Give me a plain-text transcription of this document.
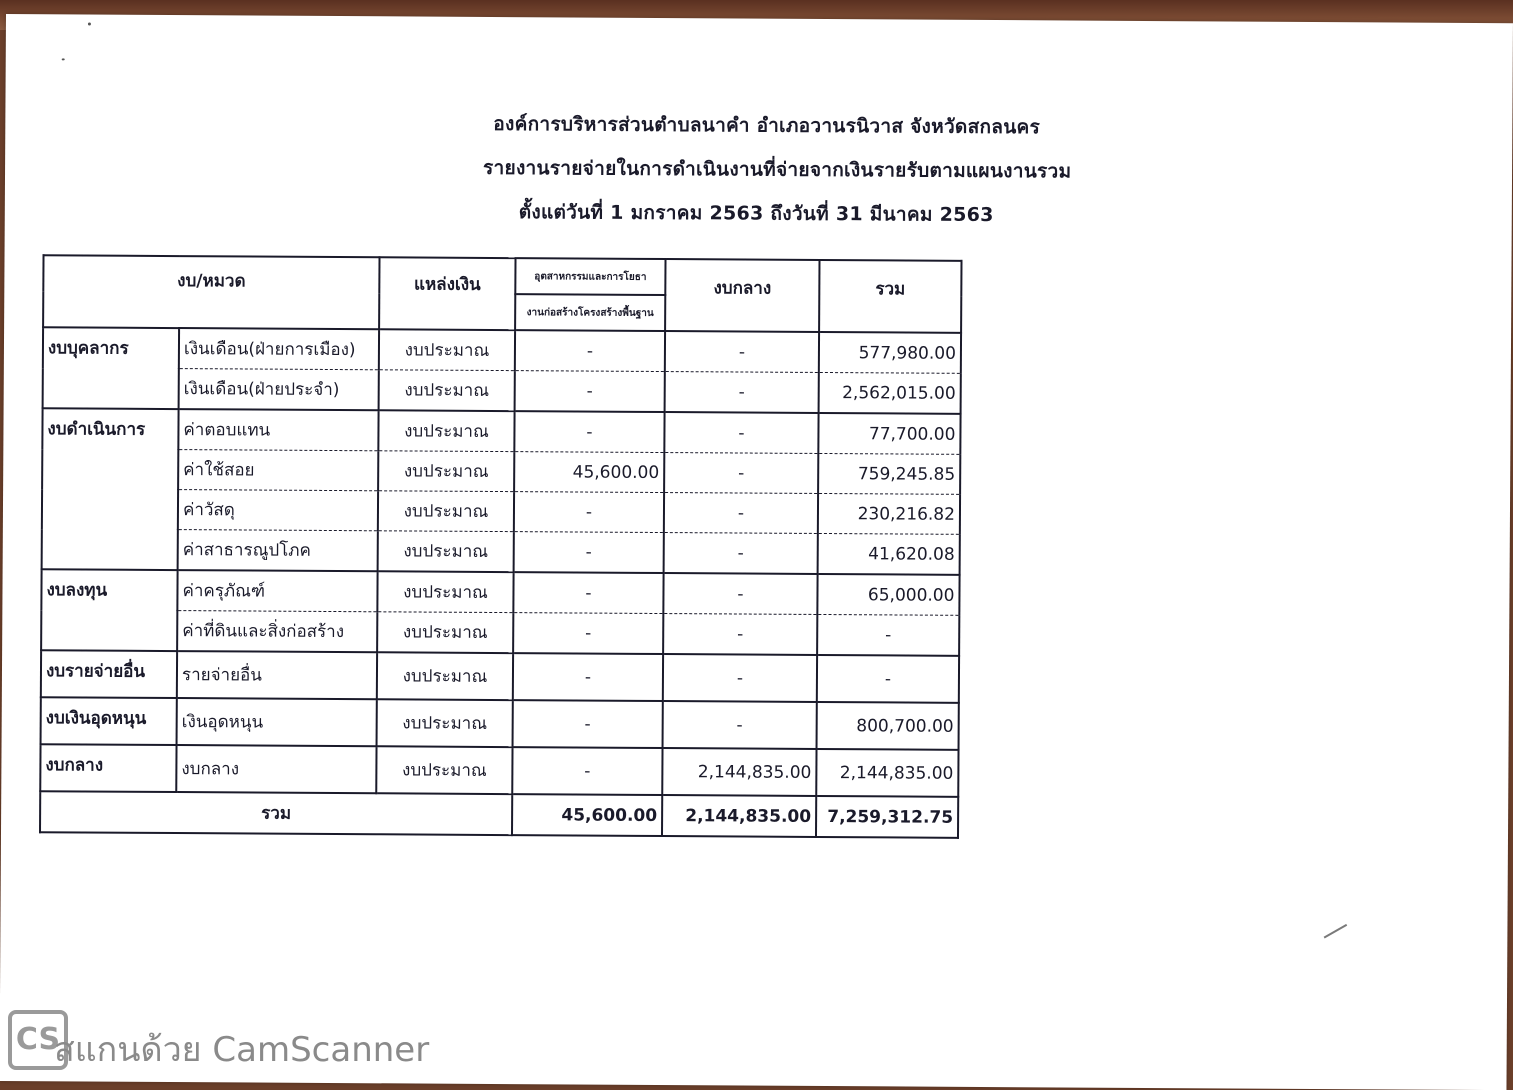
องค์การบริหารส่วนตำบลนาคำ อำเภอวานรนิวาส จังหวัดสกลนคร
รายงานรายจ่ายในการดำเนินงานที่จ่ายจากเงินรายรับตามแผนงานรวม
ตั้งแต่วันที่ 1 มกราคม 2563 ถึงวันที่ 31 มีนาคม 2563
งบ/หมวด		แหล่งเงิน	อุตสาหกรรมและการโยธา	งบกลาง	รวม
			งานก่อสร้างโครงสร้างพื้นฐาน		
งบบุคลากร	เงินเดือน(ฝ่ายการเมือง)	งบประมาณ	-	-	577,980.00
	เงินเดือน(ฝ่ายประจำ)	งบประมาณ	-	-	2,562,015.00
งบดำเนินการ	ค่าตอบแทน	งบประมาณ	-	-	77,700.00
	ค่าใช้สอย	งบประมาณ	45,600.00	-	759,245.85
	ค่าวัสดุ	งบประมาณ	-	-	230,216.82
	ค่าสาธารณูปโภค	งบประมาณ	-	-	41,620.08
งบลงทุน	ค่าครุภัณฑ์	งบประมาณ	-	-	65,000.00
	ค่าที่ดินและสิ่งก่อสร้าง	งบประมาณ	-	-	-
งบรายจ่ายอื่น	รายจ่ายอื่น	งบประมาณ	-	-	-
งบเงินอุดหนุน	เงินอุดหนุน	งบประมาณ	-	-	800,700.00
งบกลาง	งบกลาง	งบประมาณ	-	2,144,835.00	2,144,835.00
รวม			45,600.00	2,144,835.00	7,259,312.75
CS
สแกนด้วย CamScanner
